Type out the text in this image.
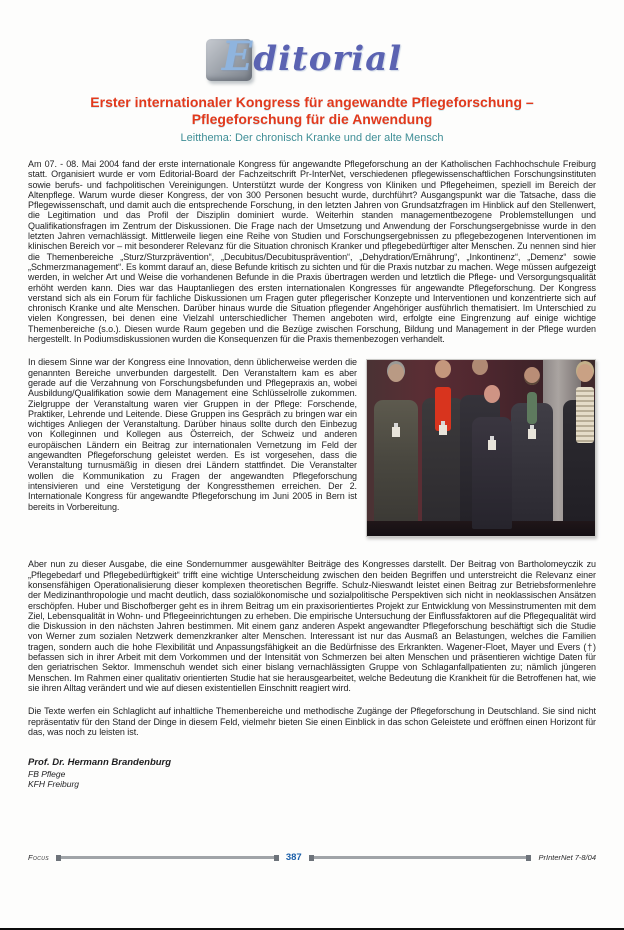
Editorial
Erster internationaler Kongress für angewandte Pflegeforschung –
Pflegeforschung für die Anwendung
Leitthema: Der chronisch Kranke und der alte Mensch

Am 07. - 08. Mai 2004 fand der erste internationale Kongress für angewandte Pflegeforschung an der Katholischen Fachhochschule Freiburg statt. Organisiert wurde er vom Editorial-Board der Fachzeitschrift Pr-InterNet, verschiedenen pflegewissenschaftlichen Forschungsinstituten sowie berufs- und fachpolitischen Vereinigungen. Unterstützt wurde der Kongress von Kliniken und Pflegeheimen, speziell im Bereich der Altenpflege. Warum wurde dieser Kongress, der von 300 Personen besucht wurde, durchführt? Ausgangspunkt war die Tatsache, dass die Pflegewissenschaft, und damit auch die entsprechende Forschung, in den letzten Jahren von Grundsatzfragen im Hinblick auf den Stellenwert, die Legitimation und das Profil der Disziplin dominiert wurde. Weiterhin standen managementbezogene Problemstellungen und Qualifikationsfragen im Zentrum der Diskussionen. Die Frage nach der Umsetzung und Anwendung der Forschungsergebnisse wurde in den letzten Jahren vernachlässigt. Mittlerweile liegen eine Reihe von Studien und Forschungsergebnissen zu pflegebezogenen Interventionen im klinischen Bereich vor – mit besonderer Relevanz für die Situation chronisch Kranker und pflegebedürftiger alter Menschen. Zu nennen sind hier die Themenbereiche „Sturz/Sturzprävention“, „Decubitus/Decubitusprävention“, „Dehydration/Ernährung“, „Inkontinenz“, „Demenz“ sowie „Schmerzmanagement“. Es kommt darauf an, diese Befunde kritisch zu sichten und für die Praxis nutzbar zu machen. Wege müssen aufgezeigt werden, in welcher Art und Weise die vorhandenen Befunde in die Praxis übertragen werden und letztlich die Pflege- und Versorgungsqualität erhöht werden kann. Dies war das Hauptanliegen des ersten internationalen Kongresses für angewandte Pflegeforschung. Der Kongress verstand sich als ein Forum für fachliche Diskussionen um Fragen guter pflegerischer Konzepte und Interventionen und konzentrierte sich auf chronisch Kranke und alte Menschen. Darüber hinaus wurde die Situation pflegender Angehöriger ausführlich thematisiert. Im Unterschied zu vielen Kongressen, bei denen eine Vielzahl unterschiedlicher Themen angeboten wird, erfolgte eine Eingrenzung auf einige wichtige Themenbereiche (s.o.). Diesen wurde Raum gegeben und die Bezüge zwischen Forschung, Bildung und Management in der Pflege wurden hergestellt. In Podiumsdiskussionen wurden die Konsequenzen für die Praxis themenbezogen verhandelt.

In diesem Sinne war der Kongress eine Innovation, denn üblicherweise werden die genannten Bereiche unverbunden dargestellt. Den Veranstaltern kam es aber gerade auf die Verzahnung von Forschungsbefunden und Pflegepraxis an, wobei Ausbildung/Qualifikation sowie dem Management eine Schlüsselrolle zukommen. Zielgruppe der Veranstaltung waren vier Gruppen in der Pflege: Forschende, Praktiker, Lehrende und Leitende. Diese Gruppen ins Gespräch zu bringen war ein wichtiges Anliegen der Veranstaltung. Darüber hinaus sollte durch den Einbezug von Kolleginnen und Kollegen aus Österreich, der Schweiz und anderen europäischen Ländern ein Beitrag zur internationalen Vernetzung im Feld der angewandten Pflegeforschung geleistet werden. Es ist vorgesehen, dass die Veranstaltung turnusmäßig in diesen drei Ländern stattfindet. Die Veranstalter wollen die Kommunikation zu Fragen der angewandten Pflegeforschung intensivieren und eine Verstetigung der Kongressthemen erreichen. Der 2. Internationale Kongress für angewandte Pflegeforschung im Juni 2005 in Bern ist bereits in Vorbereitung.

Aber nun zu dieser Ausgabe, die eine Sondernummer ausgewählter Beiträge des Kongresses darstellt. Der Beitrag von Bartholomeyczik zu „Pflegebedarf und Pflegebedürftigkeit“ trifft eine wichtige Unterscheidung zwischen den beiden Begriffen und unterstreicht die Relevanz einer konsensfähigen Operationalisierung dieser komplexen theoretischen Begriffe. Schulz-Nieswandt leistet einen Beitrag zur Betriebsformenlehre der Medizinanthropologie und macht deutlich, dass sozialökonomische und sozialpolitische Perspektiven sich nicht in neoklassischen Ansätzen erschöpfen. Huber und Bischofberger geht es in ihrem Beitrag um ein praxisorientiertes Projekt zur Entwicklung von Messinstrumenten mit dem Ziel, Lebensqualität in Wohn- und Pflegeeinrichtungen zu erheben. Die empirische Untersuchung der Einflussfaktoren auf die Pflegequalität wird die Diskussion in den nächsten Jahren bestimmen. Mit einem ganz anderen Aspekt angewandter Pflegeforschung beschäftigt sich die Studie von Werner zum sozialen Netzwerk demenzkranker alter Menschen. Interessant ist nur das Ausmaß an Belastungen, welches die Familien tragen, sondern auch die hohe Flexibilität und Anpassungsfähigkeit an die Bedürfnisse des Erkrankten. Wagener-Floet, Mayer und Evers (†) befassen sich in ihrer Arbeit mit dem Vorkommen und der Intensität von Schmerzen bei alten Menschen und präsentieren wichtige Daten für den geriatrischen Sektor. Immenschuh wendet sich einer bislang vernachlässigten Gruppe von Schlaganfallpatienten zu; nämlich jüngeren Menschen. Im Rahmen einer qualitativ orientierten Studie hat sie herausgearbeitet, welche Bedeutung die Krankheit für die Betroffenen hat, wie sie ihren Alltag verändert und wie auf diesen existentiellen Einschnitt reagiert wird.

Die Texte werfen ein Schlaglicht auf inhaltliche Themenbereiche und methodische Zugänge der Pflegeforschung in Deutschland. Sie sind nicht repräsentativ für den Stand der Dinge in diesem Feld, vielmehr bieten Sie einen Einblick in das schon Geleistete und eröffnen einen Horizont für das, was noch zu leisten ist.

Prof. Dr. Hermann Brandenburg
FB Pflege
KFH Freiburg
Focus	387	PrInterNet 7-8/04
